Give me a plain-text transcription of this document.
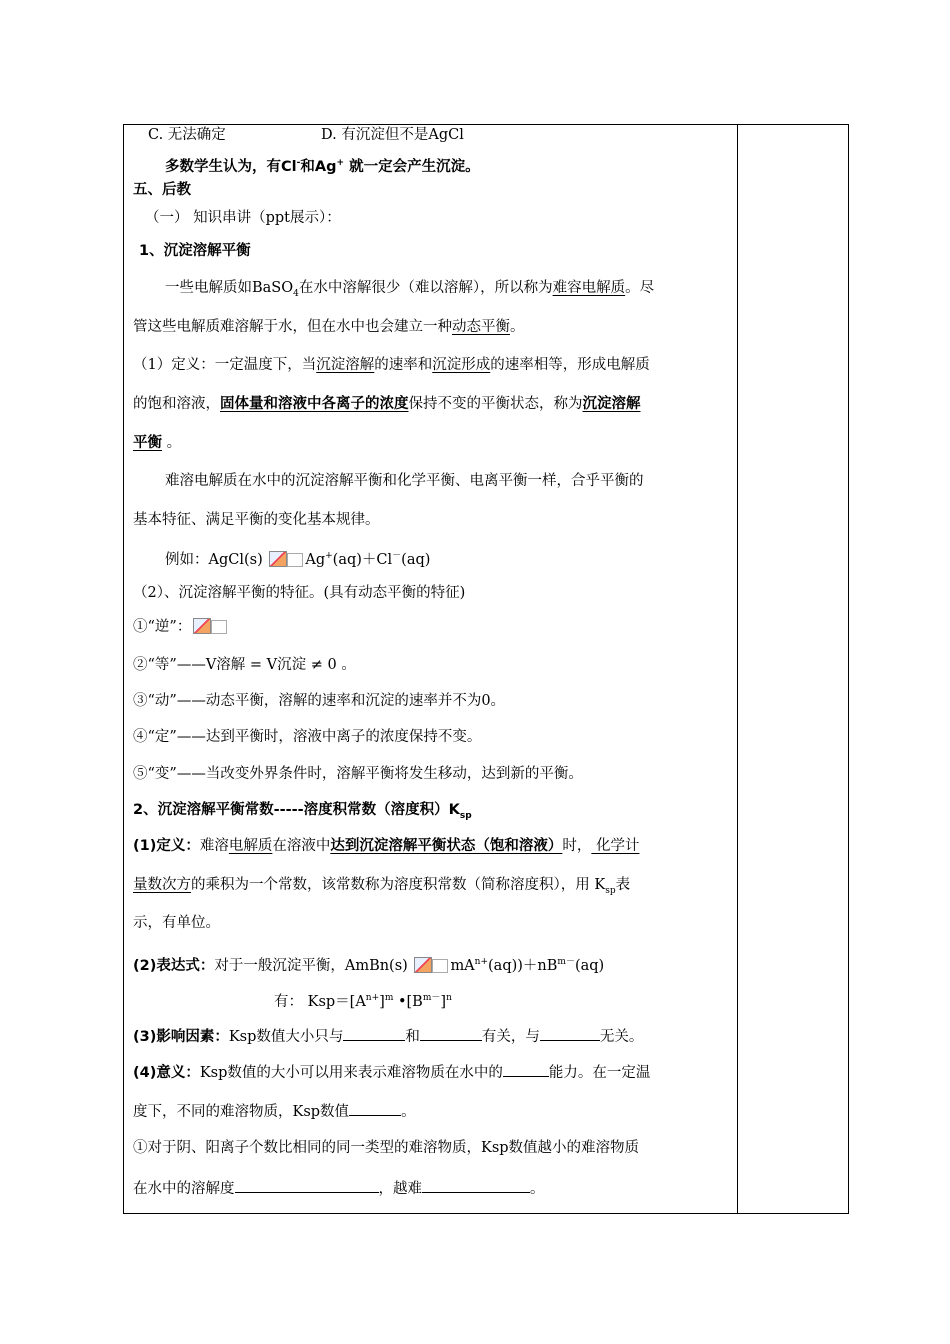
C. 无法确定	D. 有沉淀但不是AgCl
多数学生认为，有Cl-和Ag+ 就一定会产生沉淀。
五、后教
（一） 知识串讲（ppt展示）：
1、沉淀溶解平衡
一些电解质如BaSO$_4$在水中溶解很少（难以溶解），所以称为难容电解质。尽
管这些电解质难溶解于水，但在水中也会建立一种动态平衡。
（1）定义：一定温度下，当沉淀溶解的速率和沉淀形成的速率相等，形成电解质
的饱和溶液，固体量和溶液中各离子的浓度保持不变的平衡状态，称为沉淀溶解
平衡 。
难溶电解质在水中的沉淀溶解平衡和化学平衡、电离平衡一样，合乎平衡的
基本特征、满足平衡的变化基本规律。
例如：AgCl(s)	Ag+(aq)＋Cl－(aq)
（2）、沉淀溶解平衡的特征。(具有动态平衡的特征)
①“逆”：
②“等”——V溶解 = V沉淀 ≠ 0 。
③“动”——动态平衡，溶解的速率和沉淀的速率并不为0。
④“定”——达到平衡时，溶液中离子的浓度保持不变。
⑤“变”——当改变外界条件时，溶解平衡将发生移动，达到新的平衡。
2、沉淀溶解平衡常数-----溶度积常数（溶度积）$K_{sp}$
(1)定义：难溶电解质在溶液中达到沉淀溶解平衡状态（饱和溶液）时， 化学计
量数次方的乘积为一个常数，该常数称为溶度积常数（简称溶度积），用 $K_{sp}$表
示，有单位。
(2)表达式：对于一般沉淀平衡，AmBn(s)	$mA^{n+}(aq))+nB^{m-}(aq)$
有： $Ksp=[A^{n+}]^m$ $•[B^{m-}]^n$
(3)影响因素：Ksp数值大小只与	和	有关，与	无关。
(4)意义：Ksp数值的大小可以用来表示难溶物质在水中的	能力。在一定温
度下，不同的难溶物质，Ksp数值	。
①对于阴、阳离子个数比相同的同一类型的难溶物质，Ksp数值越小的难溶物质
在水中的溶解度	，越难	。
